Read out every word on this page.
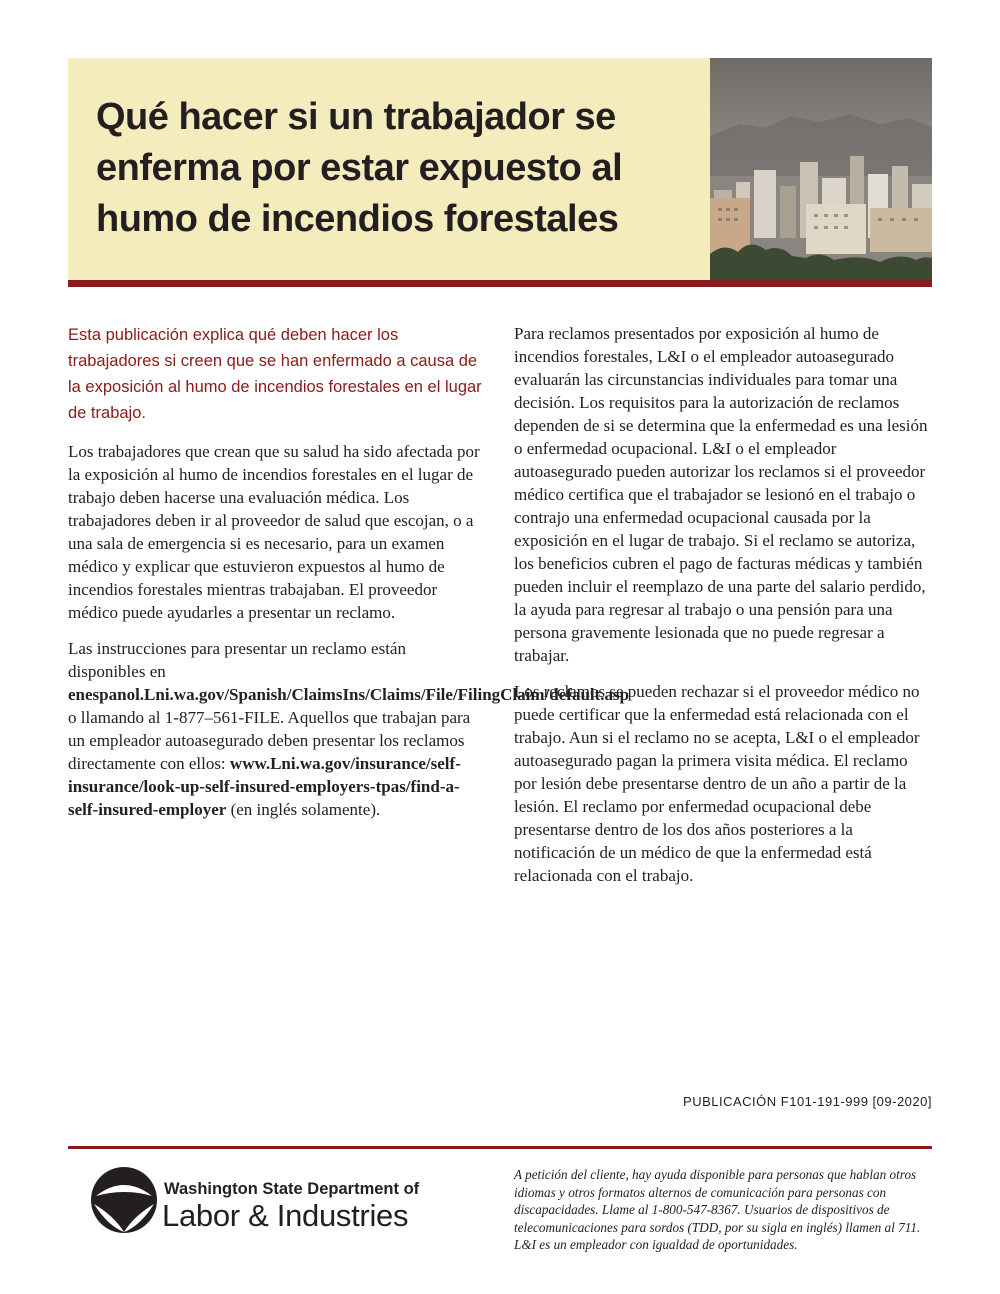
Qué hacer si un trabajador se enferma por estar expuesto al humo de incendios forestales

Esta publicación explica qué deben hacer los trabajadores si creen que se han enfermado a causa de la exposición al humo de incendios forestales en el lugar de trabajo.

Los trabajadores que crean que su salud ha sido afectada por la exposición al humo de incendios forestales en el lugar de trabajo deben hacerse una evaluación médica. Los trabajadores deben ir al proveedor de salud que escojan, o a una sala de emergencia si es necesario, para un examen médico y explicar que estuvieron expuestos al humo de incendios forestales mientras trabajaban. El proveedor médico puede ayudarles a presentar un reclamo.

Las instrucciones para presentar un reclamo están disponibles en enespanol.Lni.wa.gov/Spanish/ClaimsIns/Claims/File/FilingClaim/default.asp o llamando al 1-877–561-FILE. Aquellos que trabajan para un empleador autoasegurado deben presentar los reclamos directamente con ellos: www.Lni.wa.gov/insurance/self-insurance/look-up-self-insured-employers-tpas/find-a-self-insured-employer (en inglés solamente).

Para reclamos presentados por exposición al humo de incendios forestales, L&I o el empleador autoasegurado evaluarán las circunstancias individuales para tomar una decisión. Los requisitos para la autorización de reclamos dependen de si se determina que la enfermedad es una lesión o enfermedad ocupacional. L&I o el empleador autoasegurado pueden autorizar los reclamos si el proveedor médico certifica que el trabajador se lesionó en el trabajo o contrajo una enfermedad ocupacional causada por la exposición en el lugar de trabajo. Si el reclamo se autoriza, los beneficios cubren el pago de facturas médicas y también pueden incluir el reemplazo de una parte del salario perdido, la ayuda para regresar al trabajo o una pensión para una persona gravemente lesionada que no puede regresar a trabajar.

Los reclamos se pueden rechazar si el proveedor médico no puede certificar que la enfermedad está relacionada con el trabajo. Aun si el reclamo no se acepta, L&I o el empleador autoasegurado pagan la primera visita médica. El reclamo por lesión debe presentarse dentro de un año a partir de la lesión. El reclamo por enfermedad ocupacional debe presentarse dentro de los dos años posteriores a la notificación de un médico de que la enfermedad está relacionada con el trabajo.

PUBLICACIÓN F101-191-999 [09-2020]
Washington State Department of
Labor & Industries

A petición del cliente, hay ayuda disponible para personas que hablan otros idiomas y otros formatos alternos de comunicación para personas con discapacidades. Llame al 1-800-547-8367. Usuarios de dispositivos de telecomunicaciones para sordos (TDD, por su sigla en inglés) llamen al 711. L&I es un empleador con igualdad de oportunidades.
